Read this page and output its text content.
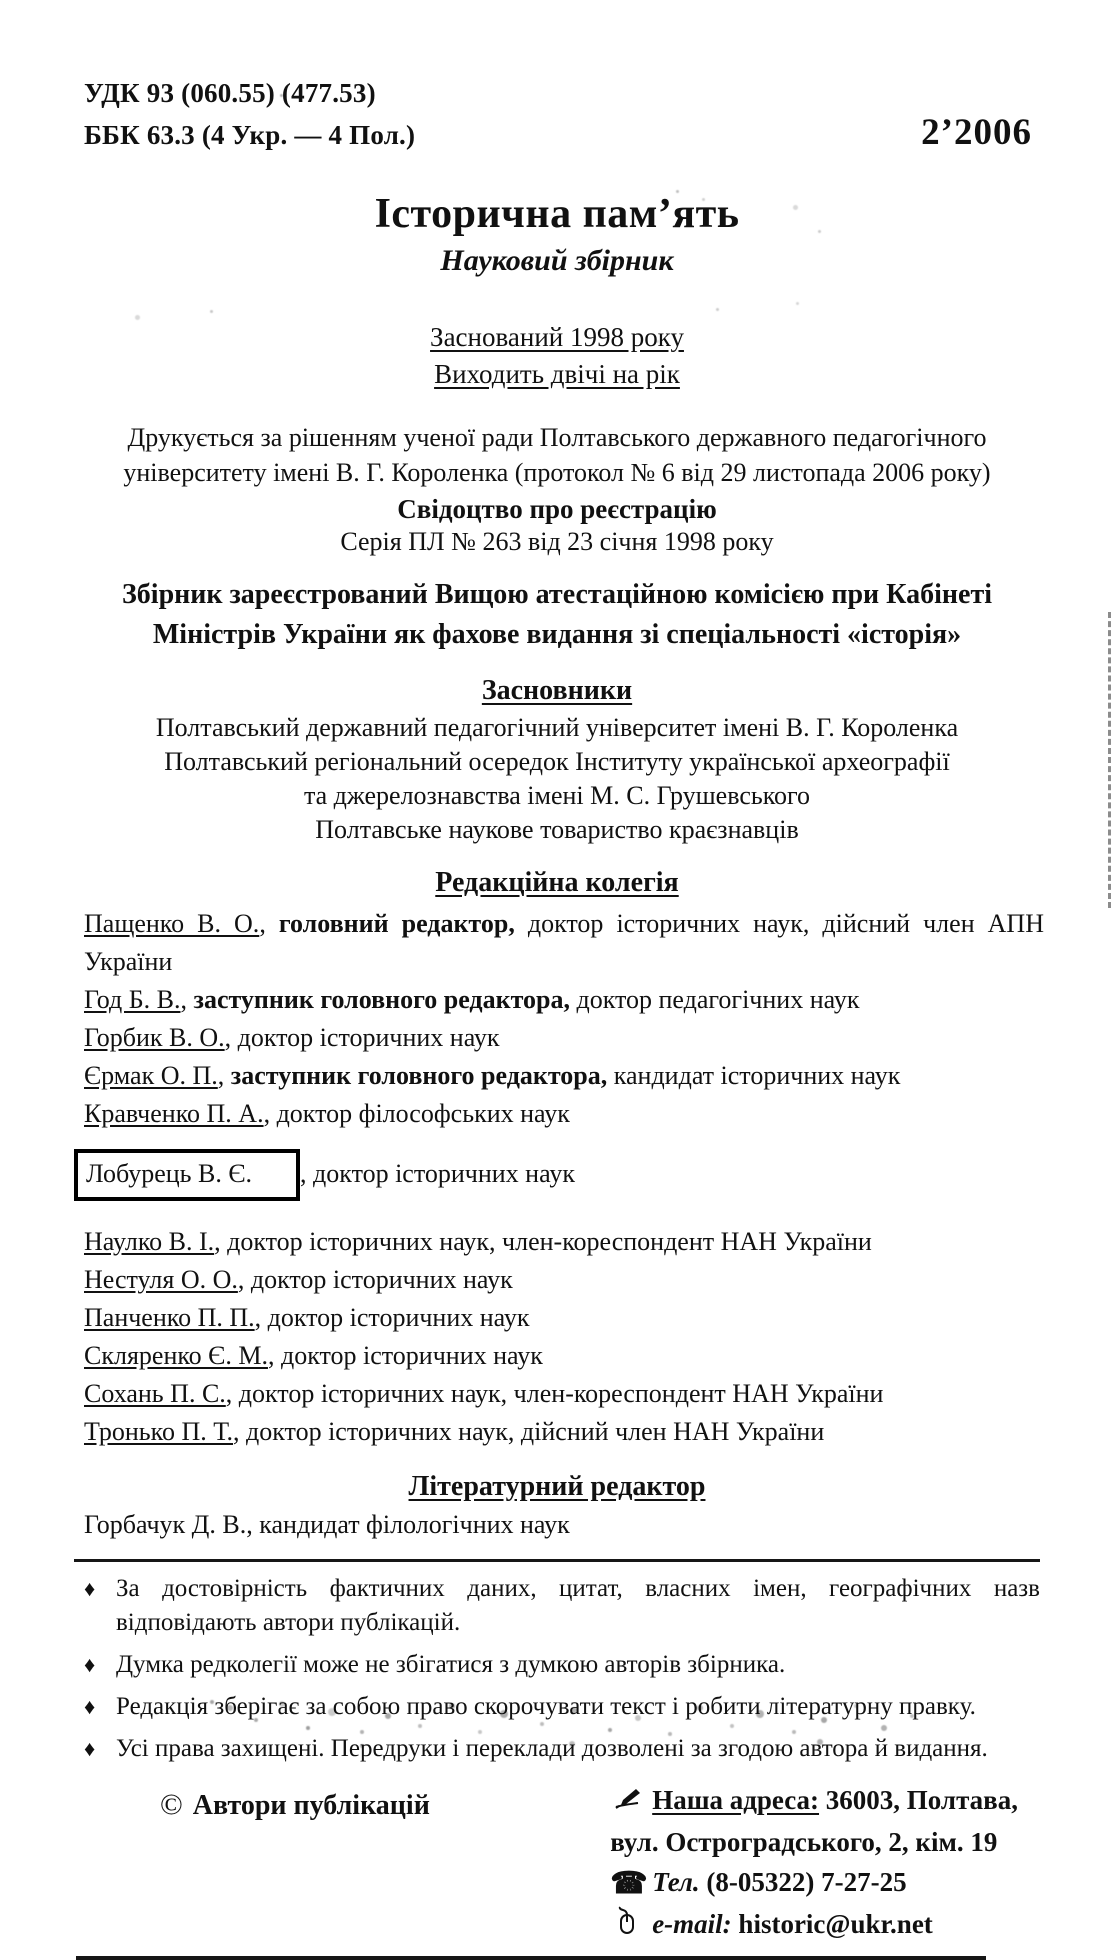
УДК 93 (060.55) (477.53)
ББК 63.3 (4 Укр. — 4 Пол.)	2’2006
Історична пам’ять

Науковий збірник

Заснований 1998 року

Виходить двічі на рік

Друкується за рішенням ученої ради Полтавського державного педагогічного університету імені В. Г. Короленка (протокол № 6 від 29 листопада 2006 року)

Свідоцтво про реєстрацію

Серія ПЛ № 263 від 23 січня 1998 року

Збірник зареєстрований Вищою атестаційною комісією при Кабінеті Міністрів України як фахове видання зі спеціальності «історія»

Засновники

Полтавський державний педагогічний університет імені В. Г. Короленка

Полтавський регіональний осередок Інституту української археографії

та джерелознавства імені М. С. Грушевського

Полтавське наукове товариство краєзнавців

Редакційна колегія

Пащенко В. О., головний редактор, доктор історичних наук, дійсний член АПН України

Год Б. В., заступник головного редактора, доктор педагогічних наук

Горбик В. О., доктор історичних наук

Єрмак О. П., заступник головного редактора, кандидат історичних наук

Кравченко П. А., доктор філософських наук

Лобурець В. Є. , доктор історичних наук

Наулко В. І., доктор історичних наук, член-кореспондент НАН України

Нестуля О. О., доктор історичних наук

Панченко П. П., доктор історичних наук

Скляренко Є. М., доктор історичних наук

Сохань П. С., доктор історичних наук, член-кореспондент НАН України

Тронько П. Т., доктор історичних наук, дійсний член НАН України

Літературний редактор

Горбачук Д. В., кандидат філологічних наук

♦ За достовірність фактичних даних, цитат, власних імен, географічних назв відповідають автори публікацій.

♦ Думка редколегії може не збігатися з думкою авторів збірника.

♦ Редакція зберігає за собою право скорочувати текст і робити літературну правку.

♦ Усі права захищені. Передруки і переклади дозволені за згодою автора й видання.

© Автори публікацій	Наша адреса: 36003, Полтава,
вул. Остроградського, 2, кім. 19
☎ Тел. (8-05322) 7-27-25
e-mail: historic@ukr.net
